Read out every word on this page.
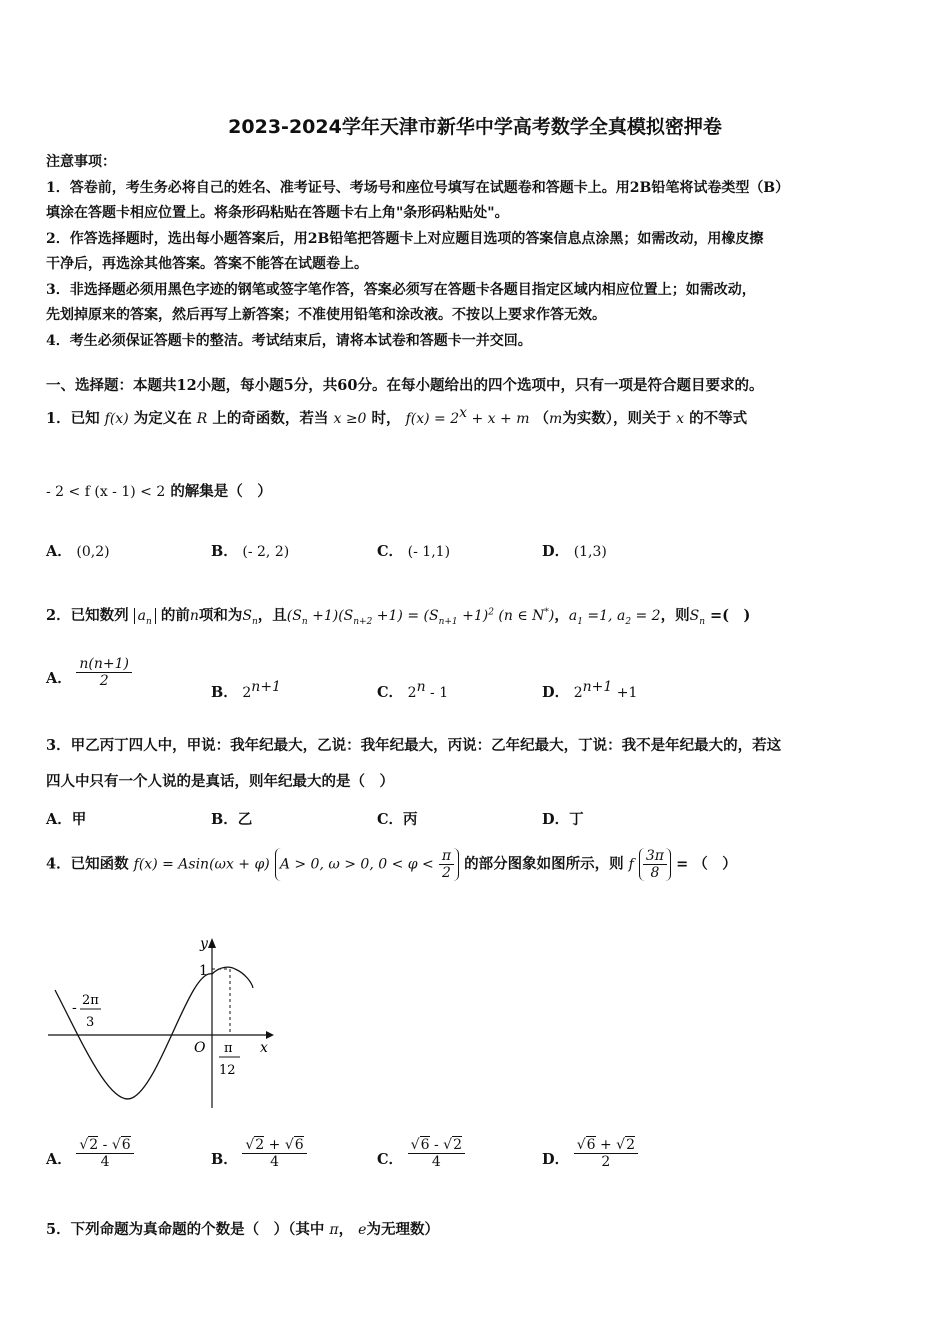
2023-2024学年天津市新华中学高考数学全真模拟密押卷

注意事项：

1．答卷前，考生务必将自己的姓名、准考证号、考场号和座位号填写在试题卷和答题卡上。用2B铅笔将试卷类型（B）

填涂在答题卡相应位置上。将条形码粘贴在答题卡右上角"条形码粘贴处"。

2．作答选择题时，选出每小题答案后，用2B铅笔把答题卡上对应题目选项的答案信息点涂黑；如需改动，用橡皮擦

干净后，再选涂其他答案。答案不能答在试题卷上。

3．非选择题必须用黑色字迹的钢笔或签字笔作答，答案必须写在答题卡各题目指定区域内相应位置上；如需改动，

先划掉原来的答案，然后再写上新答案；不准使用铅笔和涂改液。不按以上要求作答无效。

4．考生必须保证答题卡的整洁。考试结束后，请将本试卷和答题卡一并交回。

一、选择题：本题共12小题，每小题5分，共60分。在每小题给出的四个选项中，只有一项是符合题目要求的。
1．已知 f(x) 为定义在 R 上的奇函数，若当 x ≥0 时， $f(x) = 2^x + x + m$ （m为实数），则关于 x 的不等式
- 2 < f (x - 1) < 2 的解集是（　）
A． (0,2)	B． (- 2, 2)	C． (- 1,1)	D． (1,3)
2．已知数列 $a_n$ 的前n项和为$S_n$，且$(S_n +1)(S_{n+2} +1) = (S_{n+1} +1)^2$ (n ∈ N*)，$a_1 =1$, $a_2 = 2$，则$S_n$ =(　)
A． $\frac{n(n+1)}{2}$
B． $2^{n+1}$	C． 2$^n$ - 1	D． $2^{n+1} +1$
3．甲乙丙丁四人中，甲说：我年纪最大，乙说：我年纪最大，丙说：乙年纪最大，丁说：我不是年纪最大的，若这
四人中只有一个人说的是真话，则年纪最大的是（　）
A．甲	B．乙	C．丙	D．丁
4．已知函数 f(x) = Asin(ωx + φ) A > 0, ω > 0, $0 < \varphi < \frac{\pi}{2}$ 的部分图象如图所示，则 f $\frac{3\pi}{8}$ = （　）
y
x
O
1
- 2π
3
π
12
A． $\frac{√2 - √6}{4}$	B． $\frac{√2 + √6}{4}$	C． $\frac{√6 - √2}{4}$	D． $\frac{√6 + √2}{2}$
5．下列命题为真命题的个数是（　）（其中 π， e为无理数）
